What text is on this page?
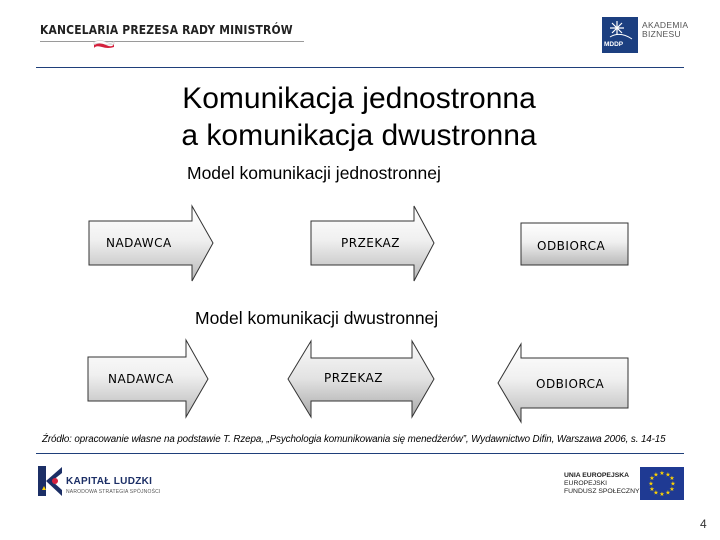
KANCELARIA PREZESA RADY MINISTRÓW
MDDP
AKADEMIA
BIZNESU
Komunikacja jednostronna
a komunikacja dwustronna
Model komunikacji jednostronnej
NADAWCA	PRZEKAZ	ODBIORCA
Model komunikacji dwustronnej
NADAWCA	PRZEKAZ	ODBIORCA
Źródło: opracowanie własne na podstawie T. Rzepa, „Psychologia komunikowania się menedżerów”, Wydawnictwo Difin, Warszawa 2006, s. 14-15
KAPITAŁ LUDZKI
NARODOWA STRATEGIA SPÓJNOŚCI
UNIA EUROPEJSKA
EUROPEJSKI
FUNDUSZ SPOŁECZNY
★ ★
★
★
★
★
★
★
★
★
★
★
4
